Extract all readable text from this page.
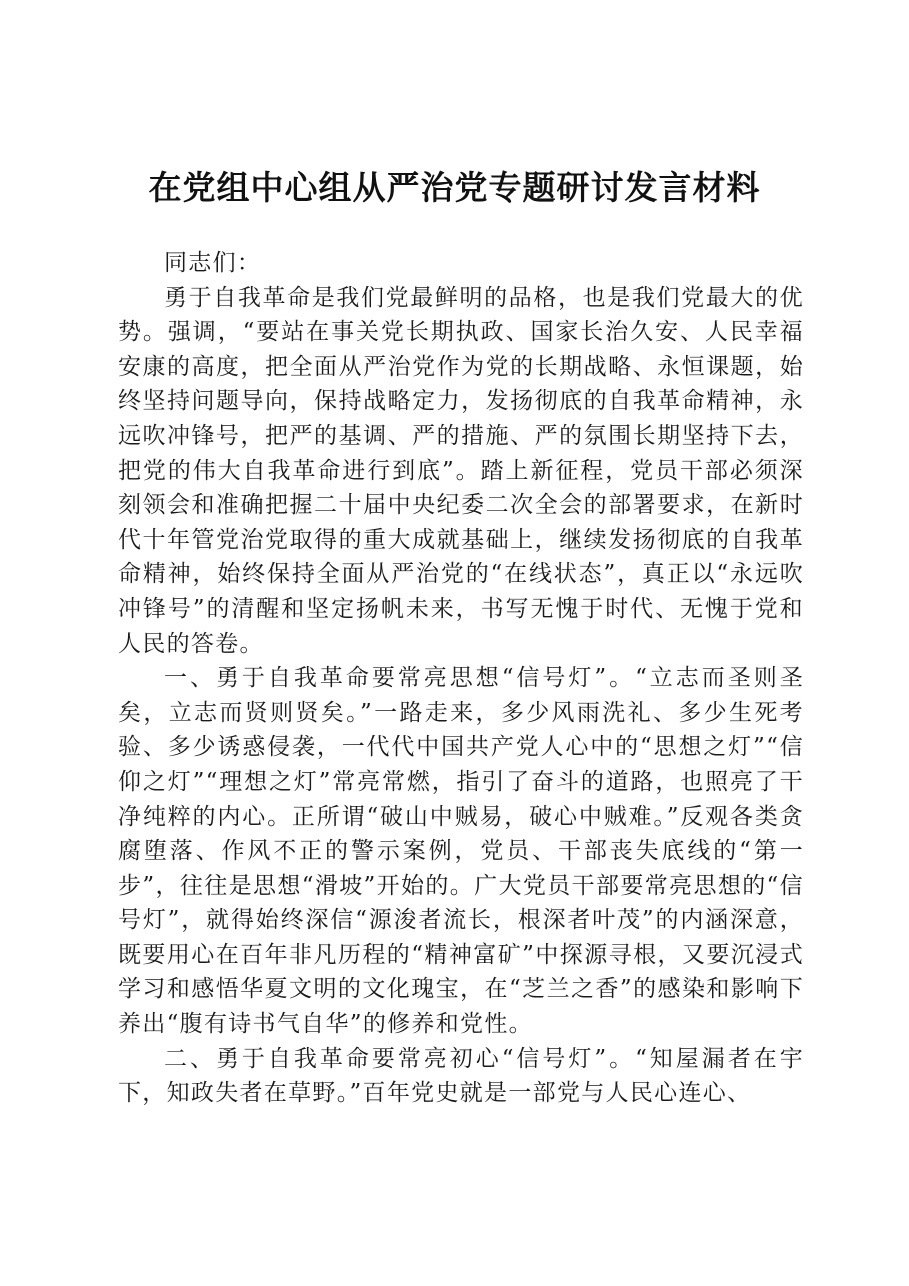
在党组中心组从严治党专题研讨发言材料

同志们：

勇于自我革命是我们党最鲜明的品格，也是我们党最大的优势。强调，“要站在事关党长期执政、国家长治久安、人民幸福安康的高度，把全面从严治党作为党的长期战略、永恒课题，始终坚持问题导向，保持战略定力，发扬彻底的自我革命精神，永远吹冲锋号，把严的基调、严的措施、严的氛围长期坚持下去，把党的伟大自我革命进行到底”。踏上新征程，党员干部必须深刻领会和准确把握二十届中央纪委二次全会的部署要求，在新时代十年管党治党取得的重大成就基础上，继续发扬彻底的自我革命精神，始终保持全面从严治党的“在线状态”，真正以“永远吹冲锋号”的清醒和坚定扬帆未来，书写无愧于时代、无愧于党和人民的答卷。

一、勇于自我革命要常亮思想“信号灯”。“立志而圣则圣矣，立志而贤则贤矣。”一路走来，多少风雨洗礼、多少生死考验、多少诱惑侵袭，一代代中国共产党人心中的“思想之灯”“信仰之灯”“理想之灯”常亮常燃，指引了奋斗的道路，也照亮了干净纯粹的内心。正所谓“破山中贼易，破心中贼难。”反观各类贪腐堕落、作风不正的警示案例，党员、干部丧失底线的“第一步”，往往是思想“滑坡”开始的。广大党员干部要常亮思想的“信号灯”，就得始终深信“源浚者流长，根深者叶茂”的内涵深意，既要用心在百年非凡历程的“精神富矿”中探源寻根，又要沉浸式学习和感悟华夏文明的文化瑰宝，在“芝兰之香”的感染和影响下养出“腹有诗书气自华”的修养和党性。

二、勇于自我革命要常亮初心“信号灯”。“知屋漏者在宇下，知政失者在草野。”百年党史就是一部党与人民心连心、
